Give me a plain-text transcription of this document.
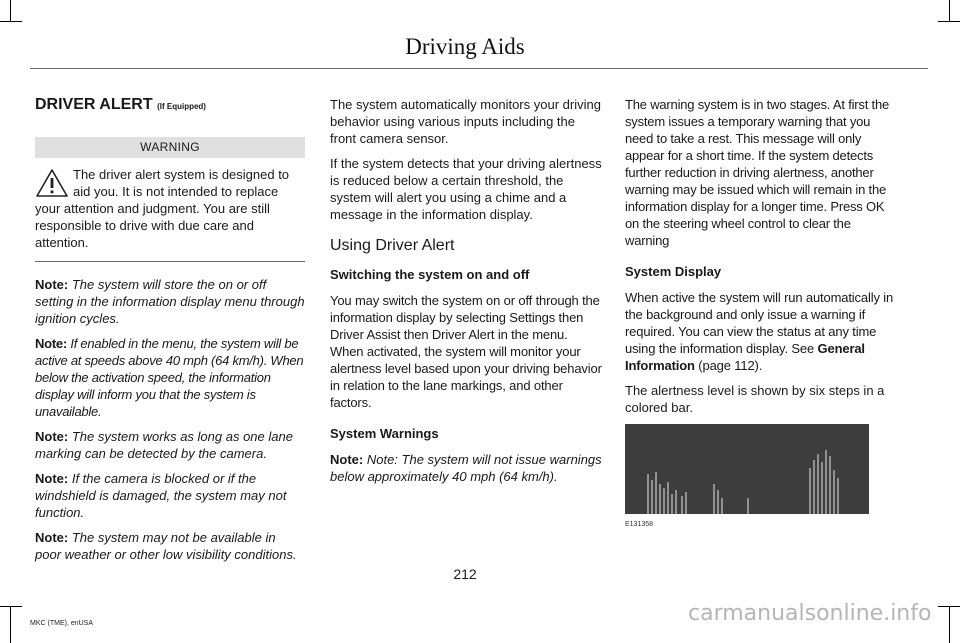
Driving Aids
DRIVER ALERT (If Equipped)
WARNING
The driver alert system is designed to aid you. It is not intended to replace your attention and judgment. You are still responsible to drive with due care and attention.

Note: The system will store the on or off setting in the information display menu through ignition cycles.

Note: If enabled in the menu, the system will be active at speeds above 40 mph (64 km/h). When below the activation speed, the information display will inform you that the system is unavailable.

Note: The system works as long as one lane marking can be detected by the camera.

Note: If the camera is blocked or if the windshield is damaged, the system may not function.

Note: The system may not be available in poor weather or other low visibility conditions.

The system automatically monitors your driving behavior using various inputs including the front camera sensor.

If the system detects that your driving alertness is reduced below a certain threshold, the system will alert you using a chime and a message in the information display.

Using Driver Alert
Switching the system on and off

You may switch the system on or off through the information display by selecting Settings then Driver Assist then Driver Alert in the menu. When activated, the system will monitor your alertness level based upon your driving behavior in relation to the lane markings, and other factors.

System Warnings

Note: Note: The system will not issue warnings below approximately 40 mph (64 km/h).

The warning system is in two stages. At first the system issues a temporary warning that you need to take a rest. This message will only appear for a short time. If the system detects further reduction in driving alertness, another warning may be issued which will remain in the information display for a longer time. Press OK on the steering wheel control to clear the warning

System Display

When active the system will run automatically in the background and only issue a warning if required. You can view the status at any time using the information display. See General Information (page 112).

The alertness level is shown by six steps in a colored bar.

E131358
212
MKC (TME), enUSA	carmanualsonline.info
